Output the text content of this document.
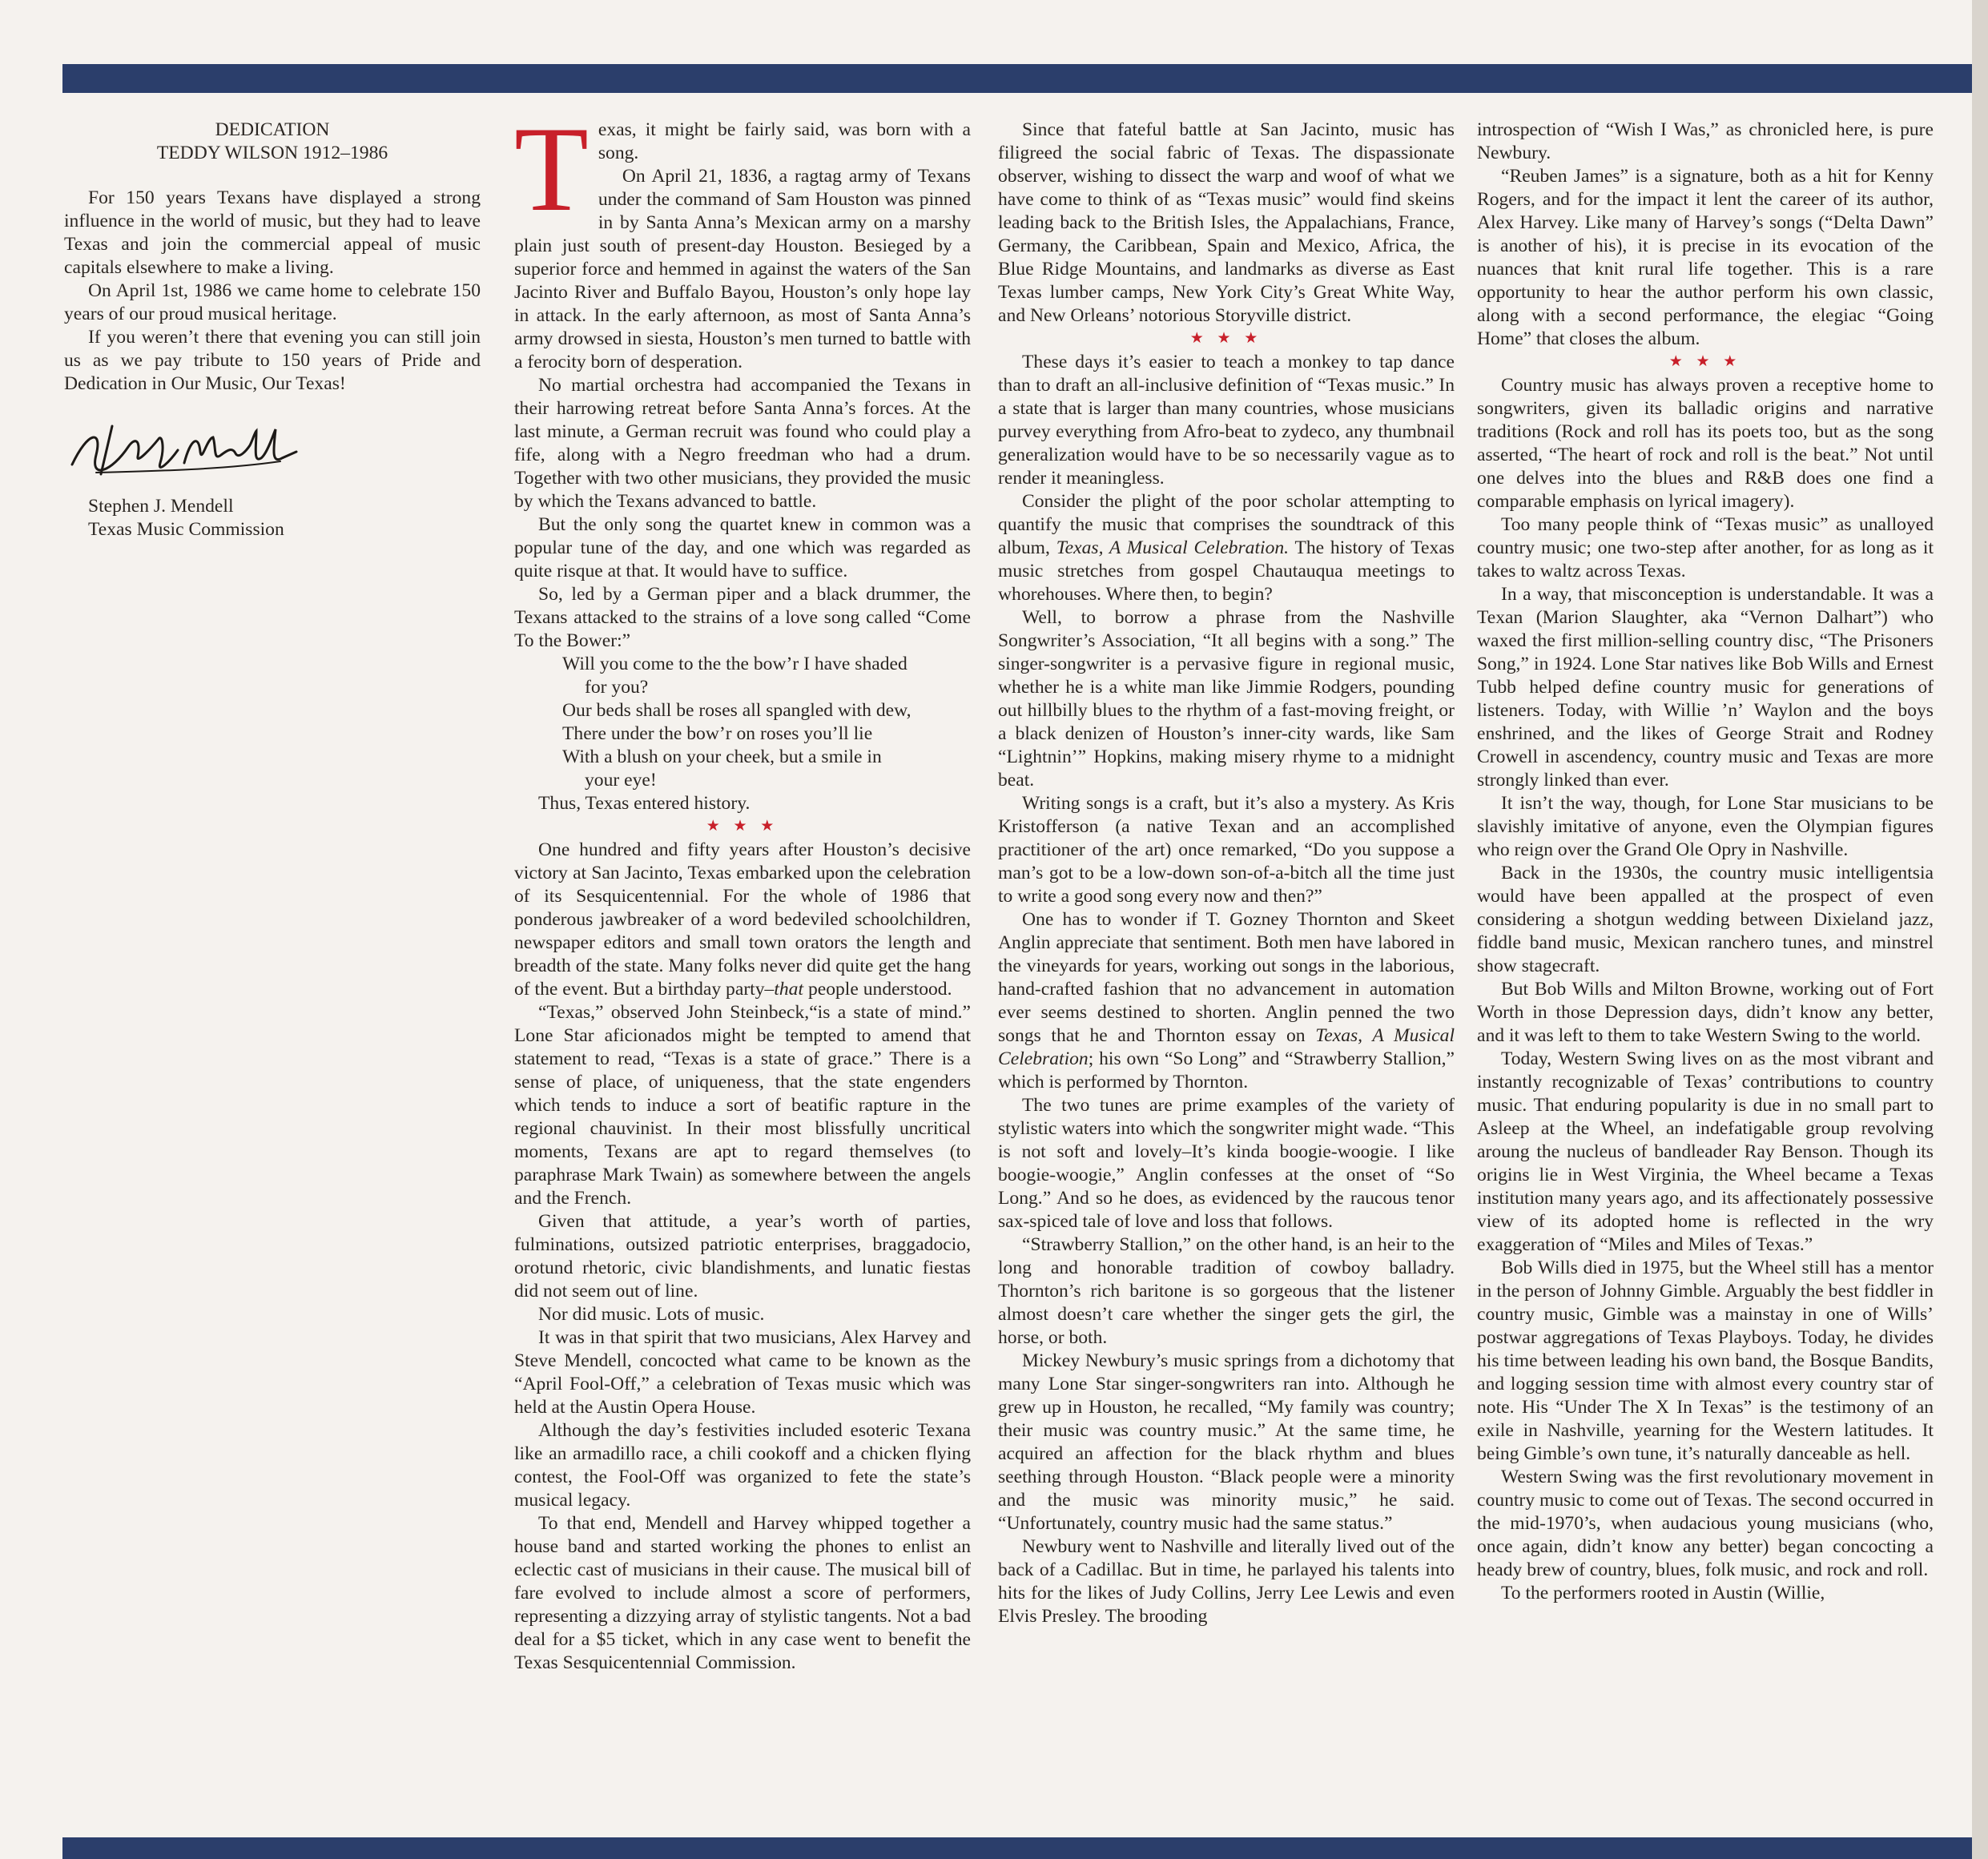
DEDICATION
TEDDY WILSON 1912–1986

For 150 years Texans have displayed a strong influence in the world of music, but they had to leave Texas and join the commercial appeal of music capitals elsewhere to make a living.

On April 1st, 1986 we came home to celebrate 150 years of our proud musical heritage.

If you weren’t there that evening you can still join us as we pay tribute to 150 years of Pride and Dedication in Our Music, Our Texas!

Stephen J. Mendell

Texas Music Commission

Texas, it might be fairly said, was born with a song.

On April 21, 1836, a ragtag army of Texans under the command of Sam Houston was pinned in by Santa Anna’s Mexican army on a marshy plain just south of present-day Houston. Besieged by a superior force and hemmed in against the waters of the San Jacinto River and Buffalo Bayou, Houston’s only hope lay in attack. In the early afternoon, as most of Santa Anna’s army drowsed in siesta, Houston’s men turned to battle with a ferocity born of desperation.

No martial orchestra had accompanied the Texans in their harrowing retreat before Santa Anna’s forces. At the last minute, a German recruit was found who could play a fife, along with a Negro freedman who had a drum. Together with two other musicians, they provided the music by which the Texans advanced to battle.

But the only song the quartet knew in common was a popular tune of the day, and one which was regarded as quite risque at that. It would have to suffice.

So, led by a German piper and a black drummer, the Texans attacked to the strains of a love song called “Come To the Bower:”

Will you come to the the bow’r I have shaded
for you?
Our beds shall be roses all spangled with dew,
There under the bow’r on roses you’ll lie
With a blush on your cheek, but a smile in
your eye!

Thus, Texas entered history.

★ ★ ★

One hundred and fifty years after Houston’s decisive victory at San Jacinto, Texas embarked upon the celebration of its Sesquicentennial. For the whole of 1986 that ponderous jawbreaker of a word bedeviled schoolchildren, newspaper editors and small town orators the length and breadth of the state. Many folks never did quite get the hang of the event. But a birthday party–that people understood.

“Texas,” observed John Steinbeck,“is a state of mind.” Lone Star aficionados might be tempted to amend that statement to read, “Texas is a state of grace.” There is a sense of place, of uniqueness, that the state engenders which tends to induce a sort of beatific rapture in the regional chauvinist. In their most blissfully uncritical moments, Texans are apt to regard themselves (to paraphrase Mark Twain) as somewhere between the angels and the French.

Given that attitude, a year’s worth of parties, fulminations, outsized patriotic enterprises, braggadocio, orotund rhetoric, civic blandishments, and lunatic fiestas did not seem out of line.

Nor did music. Lots of music.

It was in that spirit that two musicians, Alex Harvey and Steve Mendell, concocted what came to be known as the “April Fool-Off,” a celebration of Texas music which was held at the Austin Opera House.

Although the day’s festivities included esoteric Texana like an armadillo race, a chili cookoff and a chicken flying contest, the Fool-Off was organized to fete the state’s musical legacy.

To that end, Mendell and Harvey whipped together a house band and started working the phones to enlist an eclectic cast of musicians in their cause. The musical bill of fare evolved to include almost a score of performers, representing a dizzying array of stylistic tangents. Not a bad deal for a $5 ticket, which in any case went to benefit the Texas Sesquicentennial Commission.

Since that fateful battle at San Jacinto, music has filigreed the social fabric of Texas. The dispassionate observer, wishing to dissect the warp and woof of what we have come to think of as “Texas music” would find skeins leading back to the British Isles, the Appalachians, France, Germany, the Caribbean, Spain and Mexico, Africa, the Blue Ridge Mountains, and landmarks as diverse as East Texas lumber camps, New York City’s Great White Way, and New Orleans’ notorious Storyville district.

★ ★ ★

These days it’s easier to teach a monkey to tap dance than to draft an all-inclusive definition of “Texas music.” In a state that is larger than many countries, whose musicians purvey everything from Afro-beat to zydeco, any thumbnail generalization would have to be so necessarily vague as to render it meaningless.

Consider the plight of the poor scholar attempting to quantify the music that comprises the soundtrack of this album, Texas, A Musical Celebration. The history of Texas music stretches from gospel Chautauqua meetings to whorehouses. Where then, to begin?

Well, to borrow a phrase from the Nashville Songwriter’s Association, “It all begins with a song.” The singer-songwriter is a pervasive figure in regional music, whether he is a white man like Jimmie Rodgers, pounding out hillbilly blues to the rhythm of a fast-moving freight, or a black denizen of Houston’s inner-city wards, like Sam “Lightnin’” Hopkins, making misery rhyme to a midnight beat.

Writing songs is a craft, but it’s also a mystery. As Kris Kristofferson (a native Texan and an accomplished practitioner of the art) once remarked, “Do you suppose a man’s got to be a low-down son-of-a-bitch all the time just to write a good song every now and then?”

One has to wonder if T. Gozney Thornton and Skeet Anglin appreciate that sentiment. Both men have labored in the vineyards for years, working out songs in the laborious, hand-crafted fashion that no advancement in automation ever seems destined to shorten. Anglin penned the two songs that he and Thornton essay on Texas, A Musical Celebration; his own “So Long” and “Strawberry Stallion,” which is performed by Thornton.

The two tunes are prime examples of the variety of stylistic waters into which the songwriter might wade. “This is not soft and lovely–It’s kinda boogie-woogie. I like boogie-woogie,” Anglin confesses at the onset of “So Long.” And so he does, as evidenced by the raucous tenor sax-spiced tale of love and loss that follows.

“Strawberry Stallion,” on the other hand, is an heir to the long and honorable tradition of cowboy balladry. Thornton’s rich baritone is so gorgeous that the listener almost doesn’t care whether the singer gets the girl, the horse, or both.

Mickey Newbury’s music springs from a dichotomy that many Lone Star singer-songwriters ran into. Although he grew up in Houston, he recalled, “My family was country; their music was country music.” At the same time, he acquired an affection for the black rhythm and blues seething through Houston. “Black people were a minority and the music was minority music,” he said. “Unfortunately, country music had the same status.”

Newbury went to Nashville and literally lived out of the back of a Cadillac. But in time, he parlayed his talents into hits for the likes of Judy Collins, Jerry Lee Lewis and even Elvis Presley. The brooding

introspection of “Wish I Was,” as chronicled here, is pure Newbury.

“Reuben James” is a signature, both as a hit for Kenny Rogers, and for the impact it lent the career of its author, Alex Harvey. Like many of Harvey’s songs (“Delta Dawn” is another of his), it is precise in its evocation of the nuances that knit rural life together. This is a rare opportunity to hear the author perform his own classic, along with a second performance, the elegiac “Going Home” that closes the album.

★ ★ ★

Country music has always proven a receptive home to songwriters, given its balladic origins and narrative traditions (Rock and roll has its poets too, but as the song asserted, “The heart of rock and roll is the beat.” Not until one delves into the blues and R&B does one find a comparable emphasis on lyrical imagery).

Too many people think of “Texas music” as unalloyed country music; one two-step after another, for as long as it takes to waltz across Texas.

In a way, that misconception is understandable. It was a Texan (Marion Slaughter, aka “Vernon Dalhart”) who waxed the first million-selling country disc, “The Prisoners Song,” in 1924. Lone Star natives like Bob Wills and Ernest Tubb helped define country music for generations of listeners. Today, with Willie ’n’ Waylon and the boys enshrined, and the likes of George Strait and Rodney Crowell in ascendency, country music and Texas are more strongly linked than ever.

It isn’t the way, though, for Lone Star musicians to be slavishly imitative of anyone, even the Olympian figures who reign over the Grand Ole Opry in Nashville.

Back in the 1930s, the country music intelligentsia would have been appalled at the prospect of even considering a shotgun wedding between Dixieland jazz, fiddle band music, Mexican ranchero tunes, and minstrel show stagecraft.

But Bob Wills and Milton Browne, working out of Fort Worth in those Depression days, didn’t know any better, and it was left to them to take Western Swing to the world.

Today, Western Swing lives on as the most vibrant and instantly recognizable of Texas’ contributions to country music. That enduring popularity is due in no small part to Asleep at the Wheel, an indefatigable group revolving aroung the nucleus of bandleader Ray Benson. Though its origins lie in West Virginia, the Wheel became a Texas institution many years ago, and its affectionately possessive view of its adopted home is reflected in the wry exaggeration of “Miles and Miles of Texas.”

Bob Wills died in 1975, but the Wheel still has a mentor in the person of Johnny Gimble. Arguably the best fiddler in country music, Gimble was a mainstay in one of Wills’ postwar aggregations of Texas Playboys. Today, he divides his time between leading his own band, the Bosque Bandits, and logging session time with almost every country star of note. His “Under The X In Texas” is the testimony of an exile in Nashville, yearning for the Western latitudes. It being Gimble’s own tune, it’s naturally danceable as hell.

Western Swing was the first revolutionary movement in country music to come out of Texas. The second occurred in the mid-1970’s, when audacious young musicians (who, once again, didn’t know any better) began concocting a heady brew of country, blues, folk music, and rock and roll.

To the performers rooted in Austin (Willie,
